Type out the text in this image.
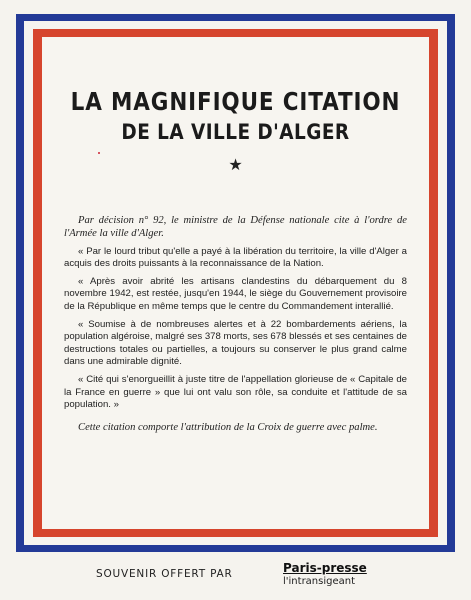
LA MAGNIFIQUE CITATION
DE LA VILLE D'ALGER
★

Par décision n° 92, le ministre de la Défense nationale cite à l'ordre de l'Armée la ville d'Alger.

« Par le lourd tribut qu'elle a payé à la libération du territoire, la ville d'Alger a acquis des droits puissants à la reconnaissance de la Nation.

« Après avoir abrité les artisans clandestins du débarquement du 8 novembre 1942, est restée, jusqu'en 1944, le siège du Gouvernement provisoire de la République en même temps que le centre du Commandement interallié.

« Soumise à de nombreuses alertes et à 22 bombardements aériens, la population algéroise, malgré ses 378 morts, ses 678 blessés et ses centaines de destructions totales ou partielles, a toujours su conserver le plus grand calme dans une admirable dignité.

« Cité qui s'enorgueillit à juste titre de l'appellation glorieuse de « Capitale de la France en guerre » que lui ont valu son rôle, sa conduite et l'attitude de sa population. »

Cette citation comporte l'attribution de la Croix de guerre avec palme.

SOUVENIR OFFERT PAR	Paris-presse
l'intransigeant
